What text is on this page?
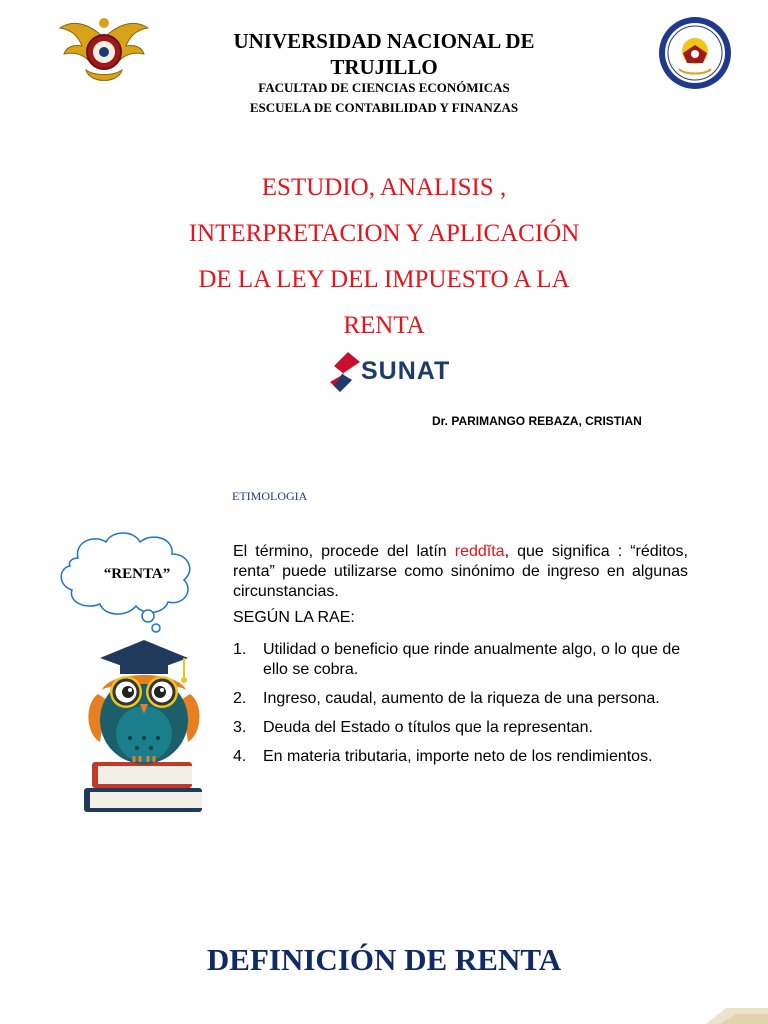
UNIVERSIDAD NACIONAL DE TRUJILLO
FACULTAD DE CIENCIAS ECONÓMICAS
ESCUELA DE CONTABILIDAD Y FINANZAS
ESTUDIO, ANALISIS ,
INTERPRETACION Y APLICACIÓN
DE LA LEY DEL IMPUESTO A LA
RENTA
SUNAT
Dr. PARIMANGO REBAZA, CRISTIAN
ETIMOLOGIA
“RENTA”
El término, procede del latín reddĭta, que significa : “réditos, renta” puede utilizarse como sinónimo de ingreso en algunas circunstancias.
SEGÚN LA RAE:
1. Utilidad o beneficio que rinde anualmente algo, o lo que de ello se cobra.
2. Ingreso, caudal, aumento de la riqueza de una persona.
3. Deuda del Estado o títulos que la representan.
4. En materia tributaria, importe neto de los rendimientos.
DEFINICIÓN DE RENTA
